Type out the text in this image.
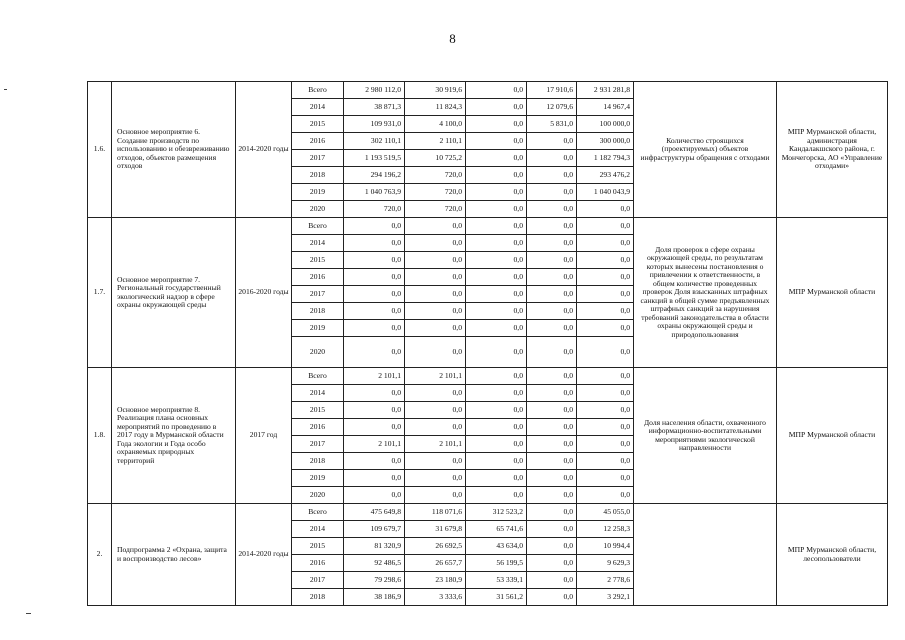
8
1.6.	Основное мероприятие 6. Создание производств по использованию и обезвреживанию отходов, объектов размещения отходов	2014-2020 годы	Всего	2 980 112,0	30 919,6	0,0	17 910,6	2 931 281,8	Количество строящихся (проектируемых) объектов инфраструктуры обращения с отходами	МПР Мурманской области, администрация Кандалакшского района, г. Мончегорска, АО «Управление отходами»
			2014	38 871,3	11 824,3	0,0	12 079,6	14 967,4		
			2015	109 931,0	4 100,0	0,0	5 831,0	100 000,0		
			2016	302 110,1	2 110,1	0,0	0,0	300 000,0		
			2017	1 193 519,5	10 725,2	0,0	0,0	1 182 794,3		
			2018	294 196,2	720,0	0,0	0,0	293 476,2		
			2019	1 040 763,9	720,0	0,0	0,0	1 040 043,9		
			2020	720,0	720,0	0,0	0,0	0,0		
1.7.	Основное мероприятие 7. Региональный государственный экологический надзор в сфере охраны окружающей среды	2016-2020 годы	Всего	0,0	0,0	0,0	0,0	0,0	Доля проверок в сфере охраны окружающей среды, по результатам которых вынесены постановления о привлечении к ответственности, в общем количестве проведенных проверок Доля взысканных штрафных санкций в общей сумме предъявленных штрафных санкций за нарушения требований законодательства в области охраны окружающей среды и природопользования	МПР Мурманской области
			2014	0,0	0,0	0,0	0,0	0,0		
			2015	0,0	0,0	0,0	0,0	0,0		
			2016	0,0	0,0	0,0	0,0	0,0		
			2017	0,0	0,0	0,0	0,0	0,0		
			2018	0,0	0,0	0,0	0,0	0,0		
			2019	0,0	0,0	0,0	0,0	0,0		
			2020	0,0	0,0	0,0	0,0	0,0		
1.8.	Основное мероприятие 8. Реализация плана основных мероприятий по проведению в 2017 году в Мурманской области Года экологии и Года особо охраняемых природных территорий	2017 год	Всего	2 101,1	2 101,1	0,0	0,0	0,0	Доля населения области, охваченного информационно-воспитательными мероприятиями экологической направленности	МПР Мурманской области
			2014	0,0	0,0	0,0	0,0	0,0		
			2015	0,0	0,0	0,0	0,0	0,0		
			2016	0,0	0,0	0,0	0,0	0,0		
			2017	2 101,1	2 101,1	0,0	0,0	0,0		
			2018	0,0	0,0	0,0	0,0	0,0		
			2019	0,0	0,0	0,0	0,0	0,0		
			2020	0,0	0,0	0,0	0,0	0,0		
2.	Подпрограмма 2 «Охрана, защита и воспроизводство лесов»	2014-2020 годы	Всего	475 649,8	118 071,6	312 523,2	0,0	45 055,0		МПР Мурманской области, лесопользователи
			2014	109 679,7	31 679,8	65 741,6	0,0	12 258,3		
			2015	81 320,9	26 692,5	43 634,0	0,0	10 994,4		
			2016	92 486,5	26 657,7	56 199,5	0,0	9 629,3		
			2017	79 298,6	23 180,9	53 339,1	0,0	2 778,6		
			2018	38 186,9	3 333,6	31 561,2	0,0	3 292,1		
